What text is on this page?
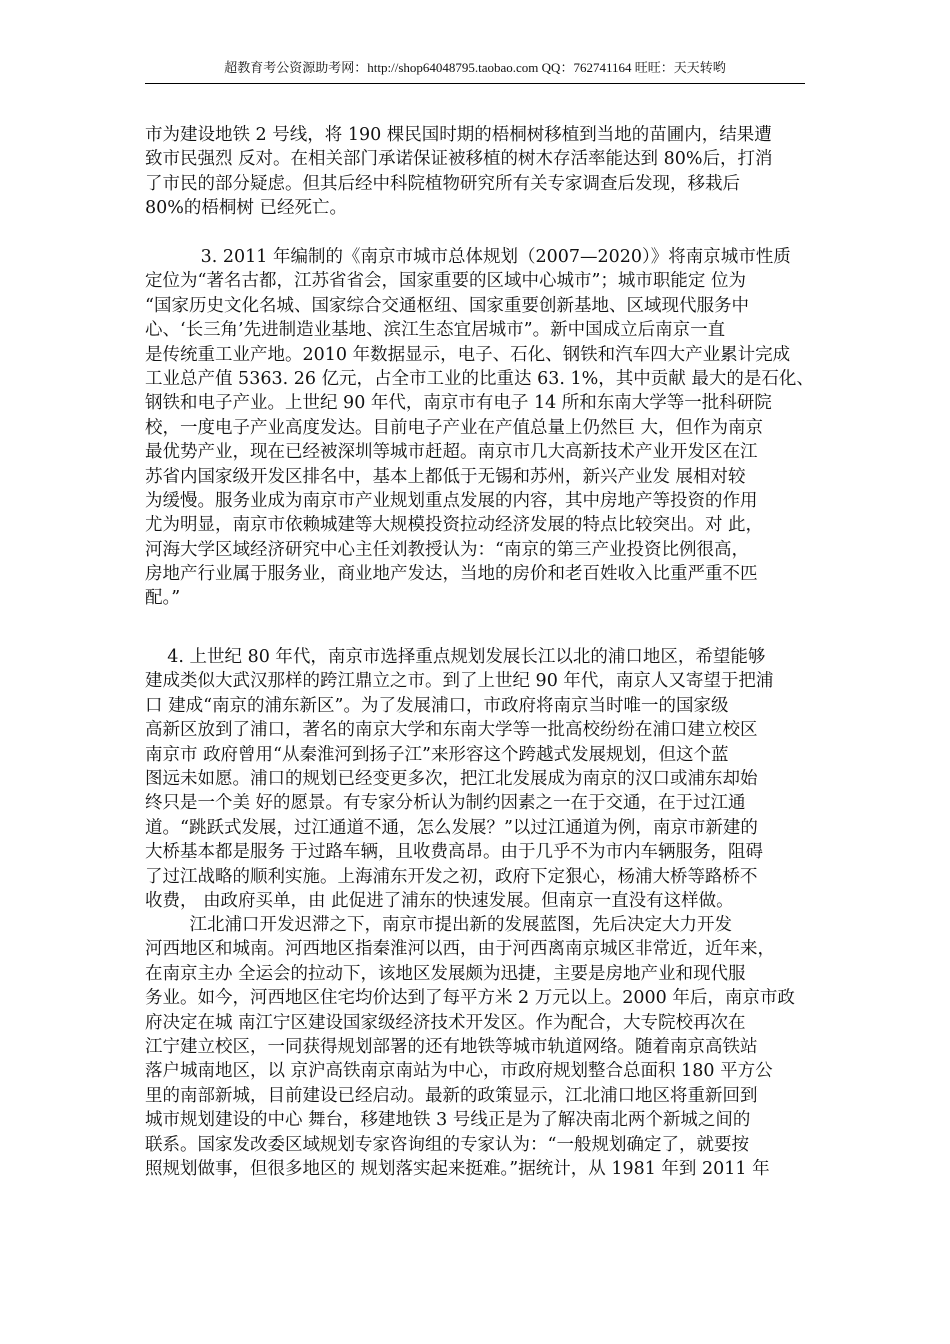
超教育考公资源助考网：http://shop64048795.taobao.com QQ：762741164 旺旺：天天转哟
市为建设地铁 2 号线，将 190 棵民国时期的梧桐树移植到当地的苗圃内，结果遭
致市民强烈 反对。在相关部门承诺保证被移植的树木存活率能达到 80%后，打消
了市民的部分疑虑。但其后经中科院植物研究所有关专家调查后发现，移栽后
80%的梧桐树 已经死亡。
3. 2011 年编制的《南京市城市总体规划（2007—2020）》将南京城市性质
定位为“著名古都，江苏省省会，国家重要的区域中心城市”；城市职能定 位为
“国家历史文化名城、国家综合交通枢纽、国家重要创新基地、区域现代服务中
心、‘长三角’先进制造业基地、滨江生态宜居城市”。新中国成立后南京一直
是传统重工业产地。2010 年数据显示，电子、石化、钢铁和汽车四大产业累计完成
工业总产值 5363. 26 亿元，占全市工业的比重达 63. 1%，其中贡献 最大的是石化、
钢铁和电子产业。上世纪 90 年代，南京市有电子 14 所和东南大学等一批科研院
校，一度电子产业高度发达。目前电子产业在产值总量上仍然巨 大，但作为南京
最优势产业，现在已经被深圳等城市赶超。南京市几大高新技术产业开发区在江
苏省内国家级开发区排名中，基本上都低于无锡和苏州，新兴产业发 展相对较
为缓慢。服务业成为南京市产业规划重点发展的内容，其中房地产等投资的作用
尤为明显，南京市依赖城建等大规模投资拉动经济发展的特点比较突出。对 此，
河海大学区域经济研究中心主任刘教授认为：“南京的第三产业投资比例很高，
房地产行业属于服务业，商业地产发达，当地的房价和老百姓收入比重严重不匹
配。”
4. 上世纪 80 年代，南京市选择重点规划发展长江以北的浦口地区，希望能够
建成类似大武汉那样的跨江鼎立之市。到了上世纪 90 年代，南京人又寄望于把浦
口 建成“南京的浦东新区”。为了发展浦口，市政府将南京当时唯一的国家级
高新区放到了浦口，著名的南京大学和东南大学等一批高校纷纷在浦口建立校区
南京市 政府曾用“从秦淮河到扬子江”来形容这个跨越式发展规划，但这个蓝
图远未如愿。浦口的规划已经变更多次，把江北发展成为南京的汉口或浦东却始
终只是一个美 好的愿景。有专家分析认为制约因素之一在于交通，在于过江通
道。“跳跃式发展，过江通道不通，怎么发展？”以过江通道为例，南京市新建的
大桥基本都是服务 于过路车辆，且收费高昂。由于几乎不为市内车辆服务，阻碍
了过江战略的顺利实施。上海浦东开发之初，政府下定狠心，杨浦大桥等路桥不
收费， 由政府买单，由 此促进了浦东的快速发展。但南京一直没有这样做。
江北浦口开发迟滞之下，南京市提出新的发展蓝图，先后决定大力开发
河西地区和城南。河西地区指秦淮河以西，由于河西离南京城区非常近，近年来，
在南京主办 全运会的拉动下，该地区发展颇为迅捷，主要是房地产业和现代服
务业。如今，河西地区住宅均价达到了每平方米 2 万元以上。2000 年后，南京市政
府决定在城 南江宁区建设国家级经济技术开发区。作为配合，大专院校再次在
江宁建立校区，一同获得规划部署的还有地铁等城市轨道网络。随着南京高铁站
落户城南地区，以 京沪高铁南京南站为中心，市政府规划整合总面积 180 平方公
里的南部新城，目前建设已经启动。最新的政策显示，江北浦口地区将重新回到
城市规划建设的中心 舞台，移建地铁 3 号线正是为了解决南北两个新城之间的
联系。国家发改委区域规划专家咨询组的专家认为：“一般规划确定了，就要按
照规划做事，但很多地区的 规划落实起来挺难。”据统计，从 1981 年到 2011 年
